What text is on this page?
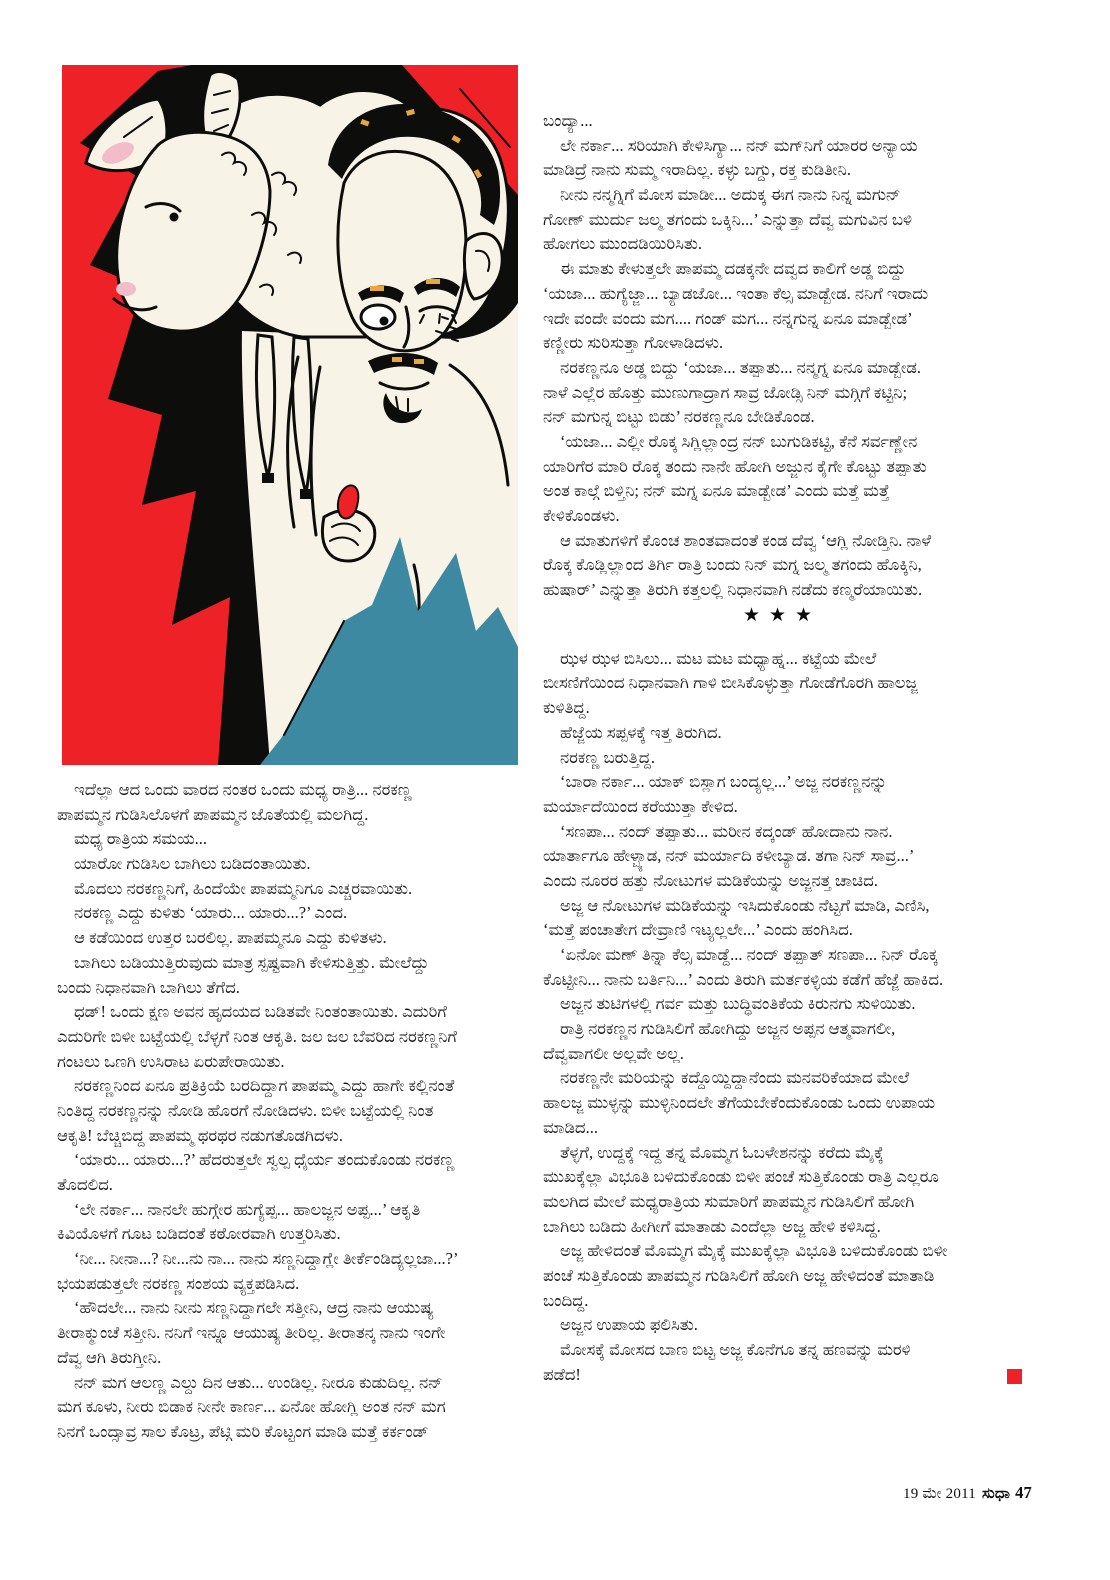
ಇದೆಲ್ಲಾ ಆದ ಒಂದು ವಾರದ ನಂತರ ಒಂದು ಮಧ್ಯ ರಾತ್ರಿ... ನರಕಣ್ಣ
ಪಾಪಮ್ಮನ ಗುಡಿಸಿಲೊಳಗೆ ಪಾಪಮ್ಮನ ಜೊತೆಯಲ್ಲಿ ಮಲಗಿದ್ದ.
ಮಧ್ಯ ರಾತ್ರಿಯ ಸಮಯ...
ಯಾರೋ ಗುಡಿಸಿಲ ಬಾಗಿಲು ಬಡಿದಂತಾಯಿತು.
ಮೊದಲು ನರಕಣ್ಣನಿಗೆ, ಹಿಂದೆಯೇ ಪಾಪಮ್ಮನಿಗೂ ಎಚ್ಚರವಾಯಿತು.
ನರಕಣ್ಣ ಎದ್ದು ಕುಳಿತು ‘ಯಾರು... ಯಾರು...?’ ಎಂದ.
ಆ ಕಡೆಯಿಂದ ಉತ್ತರ ಬರಲಿಲ್ಲ. ಪಾಪಮ್ಮನೂ ಎದ್ದು ಕುಳಿತಳು.
ಬಾಗಿಲು ಬಡಿಯುತ್ತಿರುವುದು ಮಾತ್ರ ಸ್ಪಷ್ಟವಾಗಿ ಕೇಳಿಸುತ್ತಿತ್ತು. ಮೇಲೆದ್ದು
ಬಂದು ನಿಧಾನವಾಗಿ ಬಾಗಿಲು ತೆಗೆದ.
ಧಡ್! ಒಂದು ಕ್ಷಣ ಅವನ ಹೃದಯದ ಬಡಿತವೇ ನಿಂತಂತಾಯಿತು. ಎದುರಿಗೆ
ಎದುರಿಗೇ ಬಿಳೀ ಬಟ್ಟೆಯಲ್ಲಿ ಬೆಳ್ಳಗೆ ನಿಂತ ಆಕೃತಿ. ಜಲ ಜಲ ಬೆವರಿದ ನರಕಣ್ಣನಿಗೆ
ಗಂಟಲು ಒಣಗಿ ಉಸಿರಾಟ ಏರುಪೇರಾಯಿತು.
ನರಕಣ್ಣನಿಂದ ಏನೂ ಪ್ರತಿಕ್ರಿಯೆ ಬರದಿದ್ದಾಗ ಪಾಪಮ್ಮ ಎದ್ದು ಹಾಗೇ ಕಲ್ಲಿನಂತೆ
ನಿಂತಿದ್ದ ನರಕಣ್ಣನನ್ನು ನೋಡಿ ಹೊರಗೆ ನೋಡಿದಳು. ಬಿಳೀ ಬಟ್ಟೆಯಲ್ಲಿ ನಿಂತ
ಆಕೃತಿ! ಬೆಚ್ಚಿಬಿದ್ದ ಪಾಪಮ್ಮ ಥರಥರ ನಡುಗತೊಡಗಿದಳು.
‘ಯಾರು... ಯಾರು...?’ ಹೆದರುತ್ತಲೇ ಸ್ವಲ್ಪ ಧೈರ್ಯ ತಂದುಕೊಂಡು ನರಕಣ್ಣ
ತೊದಲಿದ.
‘ಲೇ ನರ್ಕಾ... ನಾನಲೇ ಹುಗ್ಗೇರ ಹುಗ್ಯೆಪ್ಪ... ಹಾಲಜ್ಜನ ಅಪ್ಪ...’ ಆಕೃತಿ
ಕಿವಿಯೊಳಗೆ ಗೂಟ ಬಡಿದಂತೆ ಕಠೋರವಾಗಿ ಉತ್ತರಿಸಿತು.
‘ನೀ... ನೀನಾ...? ನೀ...ನು ನಾ... ನಾನು ಸಣ್ಣನಿದ್ದಾಗ್ಲೇ ತೀರ್ಕೆಂಡಿದ್ಯಲ್ಲಜಾ...?’
ಭಯಪಡುತ್ತಲೇ ನರಕಣ್ಣ ಸಂಶಯ ವ್ಯಕ್ತಪಡಿಸಿದ.
‘ಹೌದಲೇ... ನಾನು ನೀನು ಸಣ್ಣನಿದ್ದಾಗಲೇ ಸತ್ತೀನಿ, ಆದ್ರ ನಾನು ಆಯುಷ್ಯ
ತೀರಾಕ್ಮುಂಚೆ ಸತ್ತೀನಿ. ನನಿಗೆ ಇನ್ನೂ ಆಯುಷ್ಯ ತೀರಿಲ್ಲ. ತೀರಾತನ್ಕ ನಾನು ಇಂಗೇ
ದೆವ್ವ ಆಗಿ ತಿರುಗ್ತೀನಿ.
ನನ್ ಮಗ ಆಲಣ್ಣ ಎಲ್ದು ದಿನ ಆತು... ಉಂಡಿಲ್ಲ. ನೀರೂ ಕುಡುದಿಲ್ಲ. ನನ್
ಮಗ ಕೂಳು, ನೀರು ಬಿಡಾಕ ನೀನೇ ಕಾರ್ಣ... ಏನೋ ಹೋಗ್ಲಿ ಅಂತ ನನ್ ಮಗ
ನಿನಗೆ ಒಂದ್ಸಾವ್ರ ಸಾಲ ಕೊಟ್ರ, ಪೆಟ್ಗಿ ಮರಿ ಕೊಟ್ಟಂಗ ಮಾಡಿ ಮತ್ತೆ ಕರ್ಕಂಡ್
ಬಂದ್ಯಾ...
ಲೇ ನರ್ಕಾ... ಸರಿಯಾಗಿ ಕೇಳಿಸಿಗ್ಯಾ... ನನ್ ಮಗ್‌ನಿಗೆ ಯಾರರ ಅನ್ಯಾಯ
ಮಾಡಿದ್ರೆ ನಾನು ಸುಮ್ಮ ಇರಾದಿಲ್ಲ. ಕಳ್ಳು ಬಗ್ದು, ರಕ್ತ ಕುಡಿತೀನಿ.
ನೀನು ನನ್ಮಗ್ನಿಗೆ ಮೋಸ ಮಾಡೀ... ಅದುಕ್ಕ ಈಗ ನಾನು ನಿನ್ನ ಮಗುನ್
ಗೋಣ್ ಮುರ್ದು ಜಲ್ಮ ತಗಂದು ಒಕ್ಕಿನಿ...’ ಎನ್ನುತ್ತಾ ದೆವ್ವ ಮಗುವಿನ ಬಳಿ
ಹೋಗಲು ಮುಂದಡಿಯಿರಿಸಿತು.
ಈ ಮಾತು ಕೇಳುತ್ತಲೇ ಪಾಪಮ್ಮ ದಡಕ್ಕನೇ ದವ್ವದ ಕಾಲಿಗೆ ಅಡ್ಡ ಬಿದ್ದು
‘ಯಜಾ... ಹುಗ್ಯೆಜ್ಜಾ... ಬ್ಯಾಡಜೋ... ಇಂತಾ ಕೆಲ್ಸ ಮಾಡ್ಬೇಡ. ನನಿಗೆ ಇರಾದು
ಇದೇ ವಂದೇ ವಂದು ಮಗ.... ಗಂಡ್ ಮಗ... ನನ್ನಗುನ್ನ ಏನೂ ಮಾಡ್ಬೇಡ’
ಕಣ್ಣೀರು ಸುರಿಸುತ್ತಾ ಗೋಳಾಡಿದಳು.
ನರಕಣ್ಣನೂ ಅಡ್ಡ ಬಿದ್ದು ‘ಯಜಾ... ತಪ್ಪಾತು... ನನ್ಮಗ್ನ ಏನೂ ಮಾಡ್ಬೇಡ.
ನಾಳೆ ಎಲ್ಲೆರ ಹೊತ್ತು ಮುಣುಗಾದ್ರಾಗ ಸಾವ್ರ ಜೋಡ್ಸಿ ನಿನ್ ಮಗ್ಗಿಗೆ ಕಟ್ಟಿನಿ;
ನನ್ ಮಗುನ್ನ ಬಿಟ್ಟು ಬಿಡು’ ನರಕಣ್ಣನೂ ಬೇಡಿಕೊಂಡ.
‘ಯಜಾ... ಎಲ್ಲೀ ರೊಕ್ಕ ಸಿಗ್ಲಿಲ್ಲಾಂದ್ರ ನನ್ ಬುಗುಡಿಕಟ್ಟಿ, ಕೆನೆ ಸರ್ವಣ್ಣೇನ
ಯಾರಿಗೆರ ಮಾರಿ ರೊಕ್ಕ ತಂದು ನಾನೇ ಹೋಗಿ ಅಜ್ಜುನ ಕೈಗೇ ಕೊಟ್ಟು ತಪ್ಪಾತು
ಅಂತ ಕಾಲ್ಗೆ ಬಿಳ್ತಿನಿ; ನನ್ ಮಗ್ನ ಏನೂ ಮಾಡ್ಬೇಡ’ ಎಂದು ಮತ್ತೆ ಮತ್ತೆ
ಕೇಳಿಕೊಂಡಳು.
ಆ ಮಾತುಗಳಿಗೆ ಕೊಂಚ ಶಾಂತವಾದಂತೆ ಕಂಡ ದೆವ್ವ ‘ಆಗ್ಲಿ ನೋಡ್ತಿನಿ. ನಾಳೆ
ರೊಕ್ಕ ಕೊಡ್ಲಿಲ್ಲಾಂದ ತಿರ್ಗಿ ರಾತ್ರಿ ಬಂದು ನಿನ್ ಮಗ್ನ ಜಲ್ಮ ತಗಂದು ಹೊಕ್ಕಿನಿ,
ಹುಷಾರ್’ ಎನ್ನುತ್ತಾ ತಿರುಗಿ ಕತ್ತಲಲ್ಲಿ ನಿಧಾನವಾಗಿ ನಡೆದು ಕಣ್ಮರೆಯಾಯಿತು.
★★★
ಝಳ ಝಳ ಬಿಸಿಲು... ಮಟ ಮಟ ಮಧ್ಯಾಹ್ನ... ಕಟ್ಟೆಯ ಮೇಲೆ
ಬೀಸಣಿಗೆಯಿಂದ ನಿಧಾನವಾಗಿ ಗಾಳಿ ಬೀಸಿಕೊಳ್ಳುತ್ತಾ ಗೋಡೆಗೊರಗಿ ಹಾಲಜ್ಜ
ಕುಳಿತಿದ್ದ.
ಹೆಜ್ಜೆಯ ಸಪ್ಪಳಕ್ಕೆ ಇತ್ತ ತಿರುಗಿದ.
ನರಕಣ್ಣ ಬರುತ್ತಿದ್ದ.
‘ಬಾರಾ ನರ್ಕಾ... ಯಾಕ್ ಬಿಸ್ಲಾಗ ಬಂದ್ಯಲ್ಲ...’ ಅಜ್ಜ ನರಕಣ್ಣನನ್ನು
ಮರ್ಯಾದೆಯಿಂದ ಕರೆಯುತ್ತಾ ಕೇಳಿದ.
‘ಸಣಪಾ... ನಂದ್ ತಪ್ಪಾತು... ಮರೀನ ಕದ್ಕಂಡ್ ಹೋದಾನು ನಾನ.
ಯಾರ್ತಾಗೂ ಹೇಳ್ಬ್ಯಾಡ, ನನ್ ಮರ್ಯಾದಿ ಕಳೀಬ್ಯಾಡ. ತಗಾ ನಿನ್ ಸಾವ್ರ...’
ಎಂದು ನೂರರ ಹತ್ತು ನೋಟುಗಳ ಮಡಿಕೆಯನ್ನು ಅಜ್ಜನತ್ತ ಚಾಚಿದ.
ಅಜ್ಜ ಆ ನೋಟುಗಳ ಮಡಿಕೆಯನ್ನು ಇಸಿದುಕೊಂಡು ನೆಟ್ಟಗೆ ಮಾಡಿ, ಎಣಿಸಿ,
‘ಮತ್ತೆ ಪಂಚಾತೇಗ ದೇವ್ರಾಣಿ ಇಟ್ಯಲ್ಲಲೇ...’ ಎಂದು ಹಂಗಿಸಿದ.
‘ಏನೋ ಮಣ್ ತಿನ್ನಾ ಕೆಲ್ಸ ಮಾಡ್ದೆ... ನಂದ್ ತಪ್ಪಾತ್ ಸಣಪಾ... ನಿನ್ ರೊಕ್ಕ
ಕೊಟ್ಟೀನಿ... ನಾನು ಬರ್ತಿನಿ...’ ಎಂದು ತಿರುಗಿ ಮರ್ತಕಳ್ಳಿಯ ಕಡೆಗೆ ಹೆಜ್ಜೆ ಹಾಕಿದ.
ಅಜ್ಜನ ತುಟಿಗಳಲ್ಲಿ ಗರ್ವ ಮತ್ತು ಬುದ್ಧಿವಂತಿಕೆಯ ಕಿರುನಗು ಸುಳಿಯಿತು.
ರಾತ್ರಿ ನರಕಣ್ಣನ ಗುಡಿಸಿಲಿಗೆ ಹೋಗಿದ್ದು ಅಜ್ಜನ ಅಪ್ಪನ ಆತ್ಮವಾಗಲೀ,
ದೆವ್ವವಾಗಲೀ ಅಲ್ಲವೇ ಅಲ್ಲ.
ನರಕಣ್ಣನೇ ಮರಿಯನ್ನು ಕದ್ದೊಯ್ದಿದ್ದಾನೆಂದು ಮನವರಿಕೆಯಾದ ಮೇಲೆ
ಹಾಲಜ್ಜ ಮುಳ್ಳನ್ನು ಮುಳ್ಳಿನಿಂದಲೇ ತೆಗೆಯಬೇಕೆಂದುಕೊಂಡು ಒಂದು ಉಪಾಯ
ಮಾಡಿದ...
ತೆಳ್ಳಗೆ, ಉದ್ದಕ್ಕೆ ಇದ್ದ ತನ್ನ ಮೊಮ್ಮಗ ಓಬಳೇಶನನ್ನು ಕರೆದು ಮೈಕ್ಕೆ
ಮುಖಕ್ಕೆಲ್ಲಾ ವಿಭೂತಿ ಬಳಿದುಕೊಂಡು ಬಿಳೀ ಪಂಚೆ ಸುತ್ತಿಕೊಂಡು ರಾತ್ರಿ ಎಲ್ಲರೂ
ಮಲಗಿದ ಮೇಲೆ ಮಧ್ಯರಾತ್ರಿಯ ಸುಮಾರಿಗೆ ಪಾಪಮ್ಮನ ಗುಡಿಸಿಲಿಗೆ ಹೋಗಿ
ಬಾಗಿಲು ಬಡಿದು ಹೀಗೀಗೆ ಮಾತಾಡು ಎಂದೆಲ್ಲಾ ಅಜ್ಜ ಹೇಳಿ ಕಳಿಸಿದ್ದ.
ಅಜ್ಜ ಹೇಳಿದಂತೆ ಮೊಮ್ಮಗ ಮೈಕ್ಕೆ ಮುಖಕ್ಕೆಲ್ಲಾ ವಿಭೂತಿ ಬಳಿದುಕೊಂಡು ಬಿಳೀ
ಪಂಚೆ ಸುತ್ತಿಕೊಂಡು ಪಾಪಮ್ಮನ ಗುಡಿಸಿಲಿಗೆ ಹೋಗಿ ಅಜ್ಜ ಹೇಳಿದಂತೆ ಮಾತಾಡಿ
ಬಂದಿದ್ದ.
ಅಜ್ಜನ ಉಪಾಯ ಫಲಿಸಿತು.
ಮೋಸಕ್ಕೆ ಮೋಸದ ಬಾಣ ಬಿಟ್ಟ ಅಜ್ಜ ಕೊನೆಗೂ ತನ್ನ ಹಣವನ್ನು ಮರಳಿ
ಪಡೆದ!
19 ಮೇ 2011 ಸುಧಾ 47
